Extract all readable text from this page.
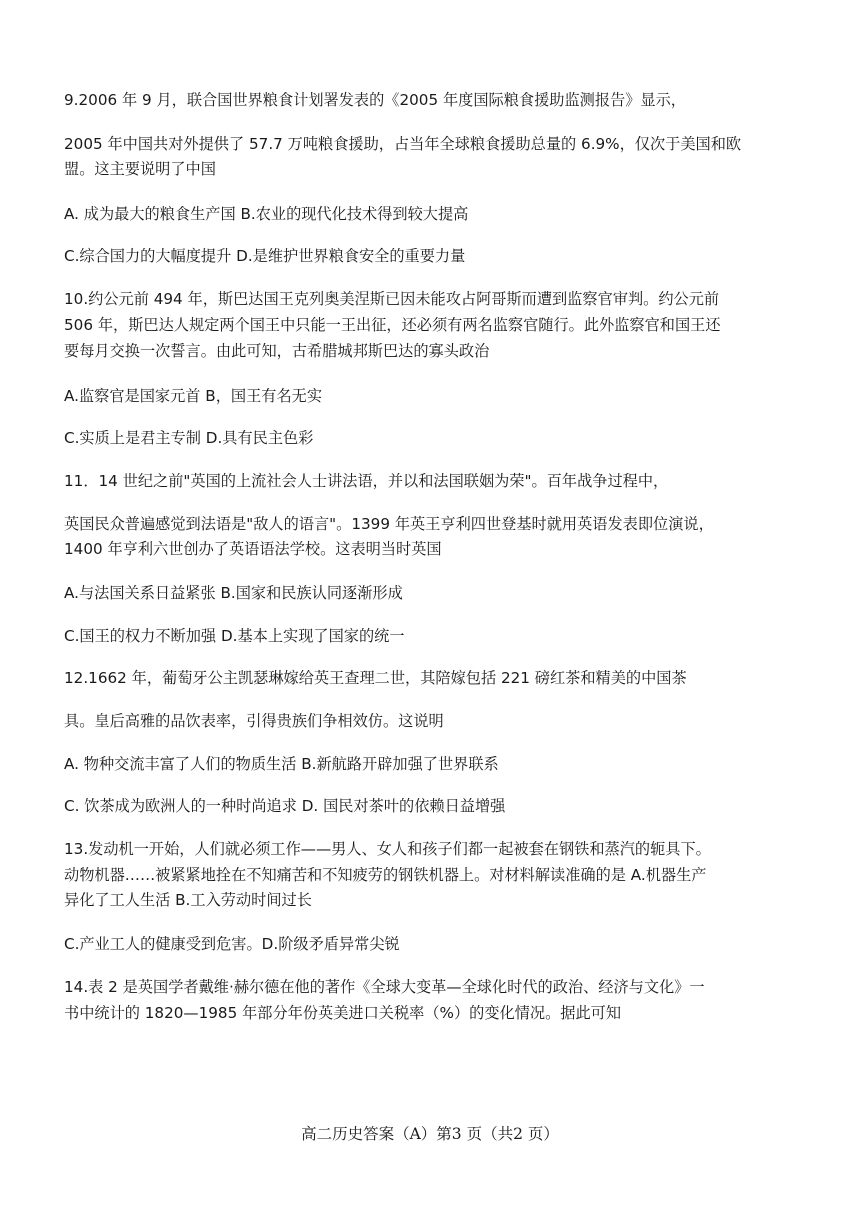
9.2006 年 9 月，联合国世界粮食计划署发表的《2005 年度国际粮食援助监测报告》显示，

2005 年中国共对外提供了 57.7 万吨粮食援助，占当年全球粮食援助总量的 6.9%，仅次于美国和欧

盟。这主要说明了中国

A. 成为最大的粮食生产国 B.农业的现代化技术得到较大提高

C.综合国力的大幅度提升 D.是维护世界粮食安全的重要力量

10.约公元前 494 年，斯巴达国王克列奥美涅斯已因未能攻占阿哥斯而遭到监察官审判。约公元前

506 年，斯巴达人规定两个国王中只能一王出征，还必须有两名监察官随行。此外监察官和国王还

要每月交换一次誓言。由此可知，古希腊城邦斯巴达的寡头政治

A.监察官是国家元首 B，国王有名无实

C.实质上是君主专制 D.具有民主色彩

11．14 世纪之前"英国的上流社会人士讲法语，并以和法国联姻为荣"。百年战争过程中，

英国民众普遍感觉到法语是"敌人的语言"。1399 年英王亨利四世登基时就用英语发表即位演说，

1400 年亨利六世创办了英语语法学校。这表明当时英国

A.与法国关系日益紧张 B.国家和民族认同逐渐形成

C.国王的权力不断加强 D.基本上实现了国家的统一

12.1662 年，葡萄牙公主凯瑟琳嫁给英王查理二世，其陪嫁包括 221 磅红茶和精美的中国茶

具。皇后高雅的品饮表率，引得贵族们争相效仿。这说明

A. 物种交流丰富了人们的物质生活 B.新航路开辟加强了世界联系

C. 饮茶成为欧洲人的一种时尚追求 D. 国民对茶叶的依赖日益增强

13.发动机一开始，人们就必须工作——男人、女人和孩子们都一起被套在钢铁和蒸汽的轭具下。

动物机器……被紧紧地拴在不知痛苦和不知疲劳的钢铁机器上。对材料解读准确的是 A.机器生产

异化了工人生活 B.工入劳动时间过长

C.产业工人的健康受到危害。D.阶级矛盾异常尖锐

14.表 2 是英国学者戴维·赫尔德在他的著作《全球大变革—全球化时代的政治、经济与文化》一

书中统计的 1820—1985 年部分年份英美进口关税率（%）的变化情况。据此可知

高二历史答案（A）第3 页（共2 页）
